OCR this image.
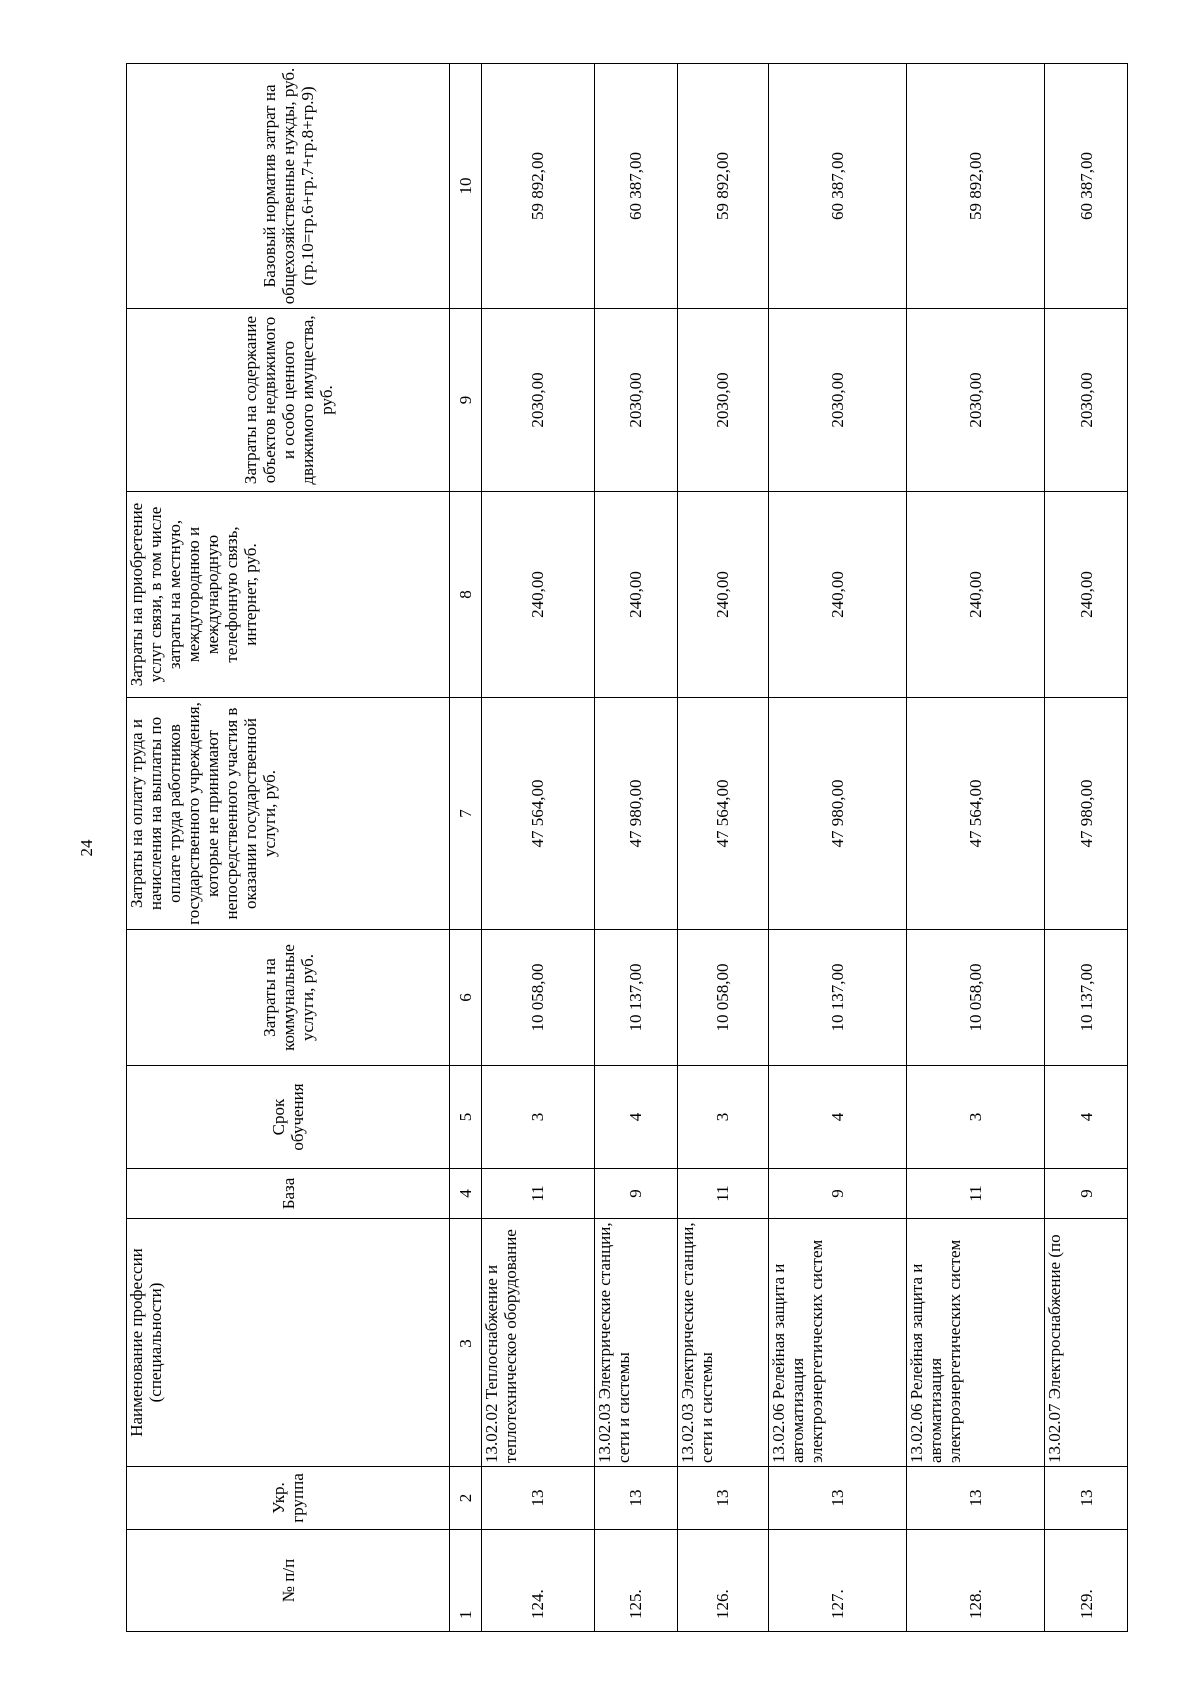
24
№ п/п	Укр. группа	Наименование профессии (специальности)	База	Срок обучения	Затраты на коммунальные услуги, руб.	Затраты на оплату труда и начисления на выплаты по оплате труда работников государственного учреждения, которые не принимают непосредственного участия в оказании государственной услуги, руб.	Затраты на приобретение услуг связи, в том числе затраты на местную, междугороднюю и международную телефонную связь, интернет, руб.	Затраты на содержание объектов недвижимого и особо ценного движимого имущества, руб.	Базовый норматив затрат на общехозяйственные нужды, руб. (гр.10=гр.6+гр.7+гр.8+гр.9)
1	2	3	4	5	6	7	8	9	10
124.	13	13.02.02 Теплоснабжение и теплотехническое оборудование	11	3	10 058,00	47 564,00	240,00	2030,00	59 892,00
125.	13	13.02.03 Электрические станции, сети и системы	9	4	10 137,00	47 980,00	240,00	2030,00	60 387,00
126.	13	13.02.03 Электрические станции, сети и системы	11	3	10 058,00	47 564,00	240,00	2030,00	59 892,00
127.	13	13.02.06 Релейная защита и автоматизация электроэнергетических систем	9	4	10 137,00	47 980,00	240,00	2030,00	60 387,00
128.	13	13.02.06 Релейная защита и автоматизация электроэнергетических систем	11	3	10 058,00	47 564,00	240,00	2030,00	59 892,00
129.	13	13.02.07 Электроснабжение (по	9	4	10 137,00	47 980,00	240,00	2030,00	60 387,00
